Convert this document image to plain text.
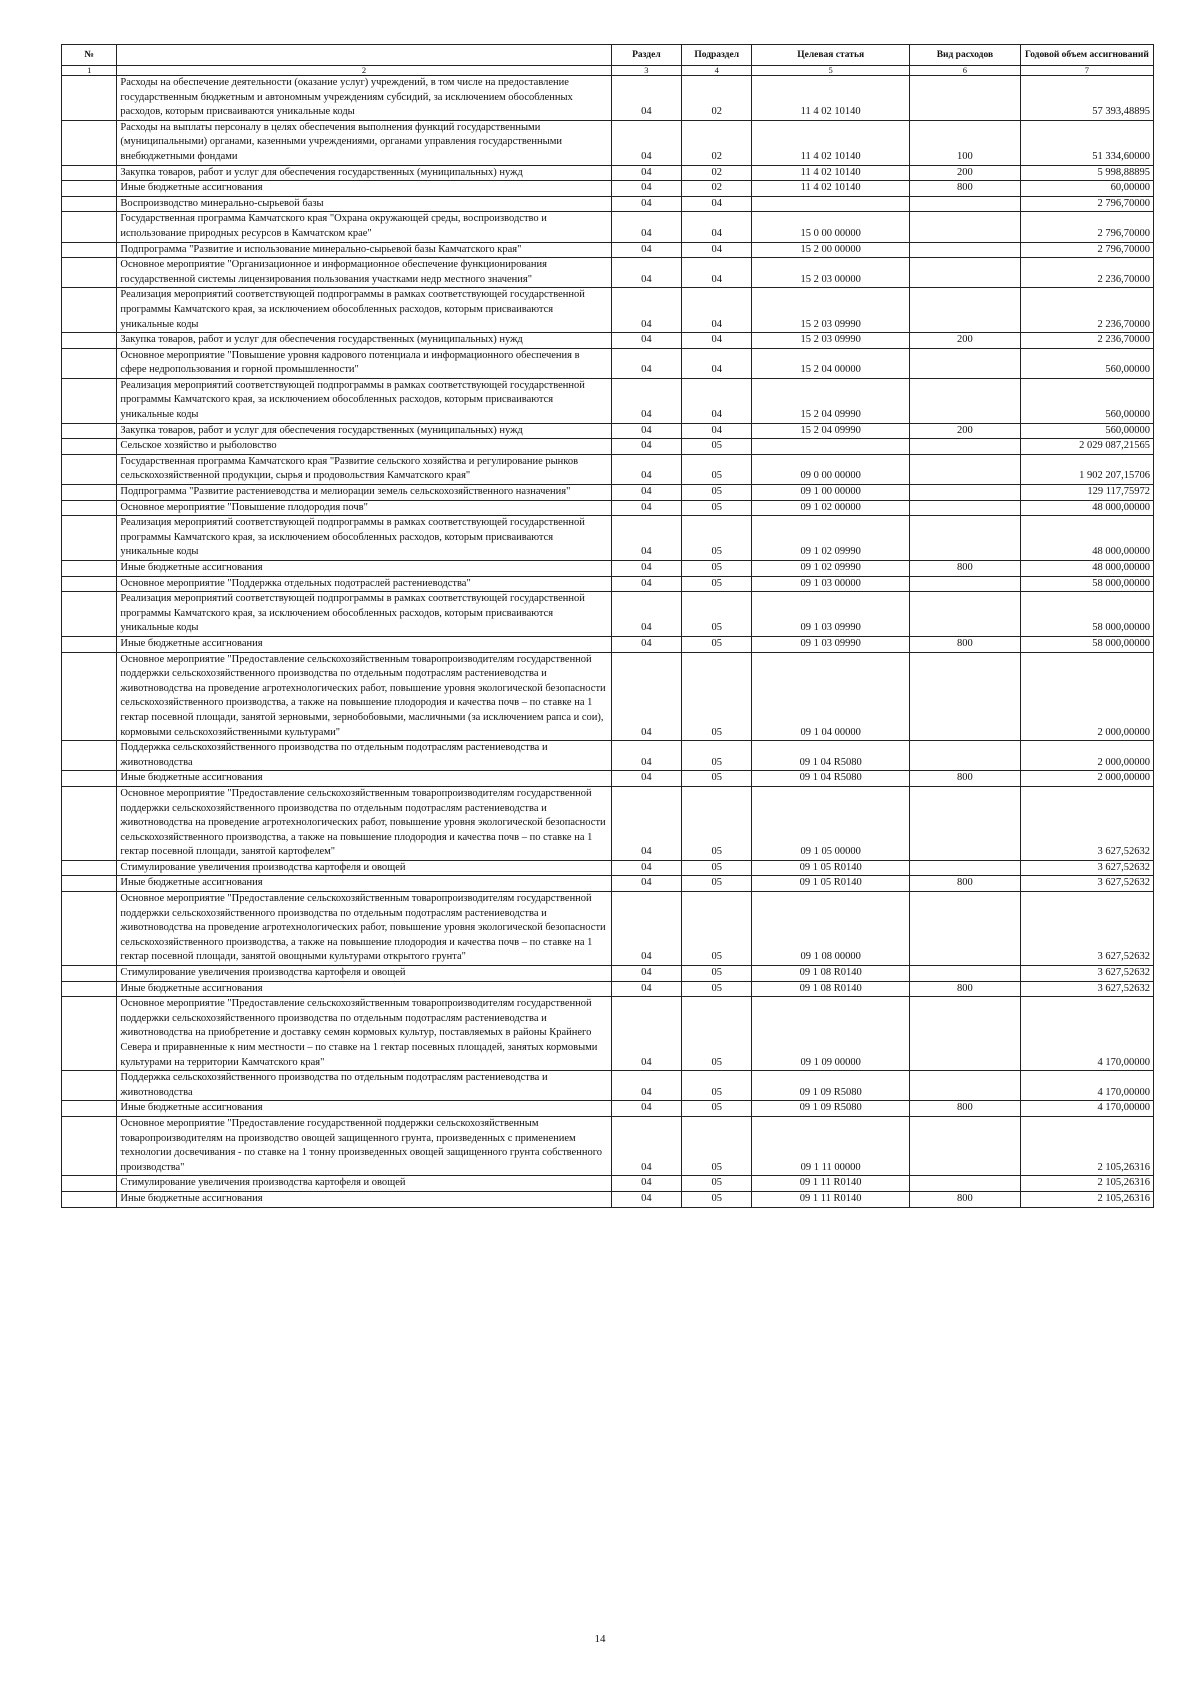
№		Раздел	Подраздел	Целевая статья	Вид расходов	Годовой объем ассигнований
1	2	3	4	5	6	7
	Расходы на обеспечение деятельности (оказание услуг) учреждений, в том числе на предоставление государственным бюджетным и автономным учреждениям субсидий, за исключением обособленных расходов, которым присваиваются уникальные коды	04	02	11 4 02 10140		57 393,48895
	Расходы на выплаты персоналу в целях обеспечения выполнения функций государственными (муниципальными) органами, казенными учреждениями, органами управления государственными внебюджетными фондами	04	02	11 4 02 10140	100	51 334,60000
	Закупка товаров, работ и услуг для обеспечения государственных (муниципальных) нужд	04	02	11 4 02 10140	200	5 998,88895
	Иные бюджетные ассигнования	04	02	11 4 02 10140	800	60,00000
	Воспроизводство минерально-сырьевой базы	04	04			2 796,70000
	Государственная программа Камчатского края "Охрана окружающей среды, воспроизводство и использование природных ресурсов в Камчатском крае"	04	04	15 0 00 00000		2 796,70000
	Подпрограмма "Развитие и использование минерально-сырьевой базы Камчатского края"	04	04	15 2 00 00000		2 796,70000
	Основное мероприятие "Организационное и информационное обеспечение функционирования государственной системы лицензирования пользования участками недр местного значения"	04	04	15 2 03 00000		2 236,70000
	Реализация мероприятий соответствующей подпрограммы в рамках соответствующей государственной программы Камчатского края, за исключением обособленных расходов, которым присваиваются уникальные коды	04	04	15 2 03 09990		2 236,70000
	Закупка товаров, работ и услуг для обеспечения государственных (муниципальных) нужд	04	04	15 2 03 09990	200	2 236,70000
	Основное мероприятие "Повышение уровня кадрового потенциала и информационного обеспечения в сфере недропользования и горной промышленности"	04	04	15 2 04 00000		560,00000
	Реализация мероприятий соответствующей подпрограммы в рамках соответствующей государственной программы Камчатского края, за исключением обособленных расходов, которым присваиваются уникальные коды	04	04	15 2 04 09990		560,00000
	Закупка товаров, работ и услуг для обеспечения государственных (муниципальных) нужд	04	04	15 2 04 09990	200	560,00000
	Сельское хозяйство и рыболовство	04	05			2 029 087,21565
	Государственная программа Камчатского края "Развитие сельского хозяйства и регулирование рынков сельскохозяйственной продукции, сырья и продовольствия Камчатского края"	04	05	09 0 00 00000		1 902 207,15706
	Подпрограмма "Развитие растениеводства и мелиорации земель сельскохозяйственного назначения"	04	05	09 1 00 00000		129 117,75972
	Основное мероприятие "Повышение плодородия почв"	04	05	09 1 02 00000		48 000,00000
	Реализация мероприятий соответствующей подпрограммы в рамках соответствующей государственной программы Камчатского края, за исключением обособленных расходов, которым присваиваются уникальные коды	04	05	09 1 02 09990		48 000,00000
	Иные бюджетные ассигнования	04	05	09 1 02 09990	800	48 000,00000
	Основное мероприятие "Поддержка отдельных подотраслей растениеводства"	04	05	09 1 03 00000		58 000,00000
	Реализация мероприятий соответствующей подпрограммы в рамках соответствующей государственной программы Камчатского края, за исключением обособленных расходов, которым присваиваются уникальные коды	04	05	09 1 03 09990		58 000,00000
	Иные бюджетные ассигнования	04	05	09 1 03 09990	800	58 000,00000
	Основное мероприятие "Предоставление сельскохозяйственным товаропроизводителям государственной поддержки сельскохозяйственного производства по отдельным подотраслям растениеводства и животноводства на проведение агротехнологических работ, повышение уровня экологической безопасности сельскохозяйственного производства, а также на повышение плодородия и качества почв – по ставке на 1 гектар посевной площади, занятой зерновыми, зернобобовыми, масличными (за исключением рапса и сои), кормовыми сельскохозяйственными культурами"	04	05	09 1 04 00000		2 000,00000
	Поддержка сельскохозяйственного производства по отдельным подотраслям растениеводства и животноводства	04	05	09 1 04 R5080		2 000,00000
	Иные бюджетные ассигнования	04	05	09 1 04 R5080	800	2 000,00000
	Основное мероприятие "Предоставление сельскохозяйственным товаропроизводителям государственной поддержки сельскохозяйственного производства по отдельным подотраслям растениеводства и животноводства на проведение агротехнологических работ, повышение уровня экологической безопасности сельскохозяйственного производства, а также на повышение плодородия и качества почв – по ставке на 1 гектар посевной площади, занятой картофелем"	04	05	09 1 05 00000		3 627,52632
	Стимулирование увеличения производства картофеля и овощей	04	05	09 1 05 R0140		3 627,52632
	Иные бюджетные ассигнования	04	05	09 1 05 R0140	800	3 627,52632
	Основное мероприятие "Предоставление сельскохозяйственным товаропроизводителям государственной поддержки сельскохозяйственного производства по отдельным подотраслям растениеводства и животноводства на проведение агротехнологических работ, повышение уровня экологической безопасности сельскохозяйственного производства, а также на повышение плодородия и качества почв – по ставке на 1 гектар посевной площади, занятой овощными культурами открытого грунта"	04	05	09 1 08 00000		3 627,52632
	Стимулирование увеличения производства картофеля и овощей	04	05	09 1 08 R0140		3 627,52632
	Иные бюджетные ассигнования	04	05	09 1 08 R0140	800	3 627,52632
	Основное мероприятие "Предоставление сельскохозяйственным товаропроизводителям государственной поддержки сельскохозяйственного производства по отдельным подотраслям растениеводства и животноводства на приобретение и доставку семян кормовых культур, поставляемых в районы Крайнего Севера и приравненные к ним местности – по ставке на 1 гектар посевных площадей, занятых кормовыми культурами на территории Камчатского края"	04	05	09 1 09 00000		4 170,00000
	Поддержка сельскохозяйственного производства по отдельным подотраслям растениеводства и животноводства	04	05	09 1 09 R5080		4 170,00000
	Иные бюджетные ассигнования	04	05	09 1 09 R5080	800	4 170,00000
	Основное мероприятие "Предоставление государственной поддержки сельскохозяйственным товаропроизводителям на производство овощей защищенного грунта, произведенных с применением технологии досвечивания - по ставке на 1 тонну произведенных овощей защищенного грунта собственного производства"	04	05	09 1 11 00000		2 105,26316
	Стимулирование увеличения производства картофеля и овощей	04	05	09 1 11 R0140		2 105,26316
	Иные бюджетные ассигнования	04	05	09 1 11 R0140	800	2 105,26316
14
